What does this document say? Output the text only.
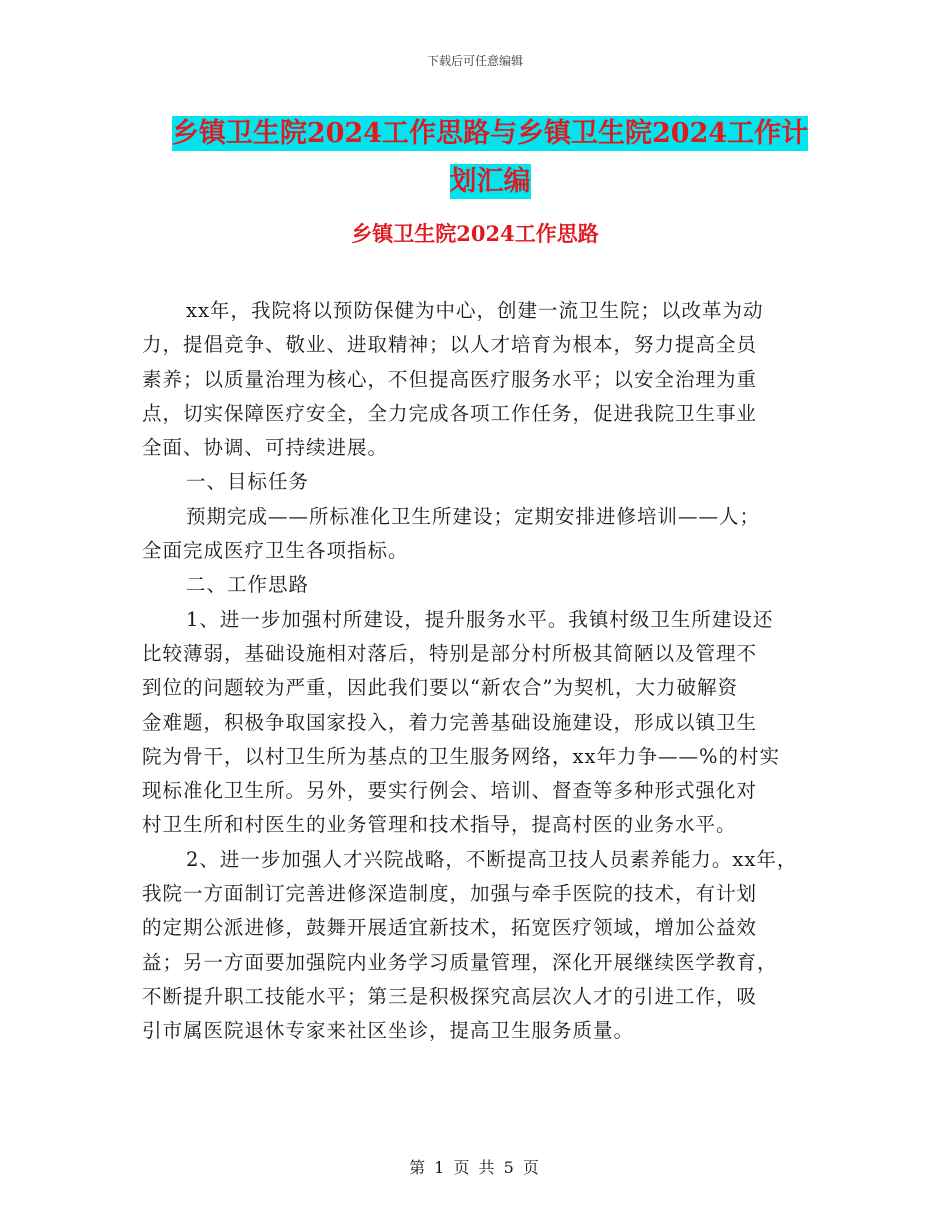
下载后可任意编辑
乡镇卫生院2024工作思路与乡镇卫生院2024工作计
划汇编
乡镇卫生院2024工作思路
xx年，我院将以预防保健为中心，创建一流卫生院；以改革为动
力，提倡竞争、敬业、进取精神；以人才培育为根本，努力提高全员
素养；以质量治理为核心，不但提高医疗服务水平；以安全治理为重
点，切实保障医疗安全，全力完成各项工作任务，促进我院卫生事业
全面、协调、可持续进展。
一、目标任务
预期完成——所标准化卫生所建设；定期安排进修培训——人；
全面完成医疗卫生各项指标。
二、工作思路
1、进一步加强村所建设，提升服务水平。我镇村级卫生所建设还
比较薄弱，基础设施相对落后，特别是部分村所极其简陋以及管理不
到位的问题较为严重，因此我们要以“新农合”为契机，大力破解资
金难题，积极争取国家投入，着力完善基础设施建设，形成以镇卫生
院为骨干，以村卫生所为基点的卫生服务网络，xx年力争——%的村实
现标准化卫生所。另外，要实行例会、培训、督查等多种形式强化对
村卫生所和村医生的业务管理和技术指导，提高村医的业务水平。
2、进一步加强人才兴院战略，不断提高卫技人员素养能力。xx年，
我院一方面制订完善进修深造制度，加强与牵手医院的技术，有计划
的定期公派进修，鼓舞开展适宜新技术，拓宽医疗领域，增加公益效
益；另一方面要加强院内业务学习质量管理，深化开展继续医学教育，
不断提升职工技能水平；第三是积极探究高层次人才的引进工作，吸
引市属医院退休专家来社区坐诊，提高卫生服务质量。
第 1 页 共 5 页
